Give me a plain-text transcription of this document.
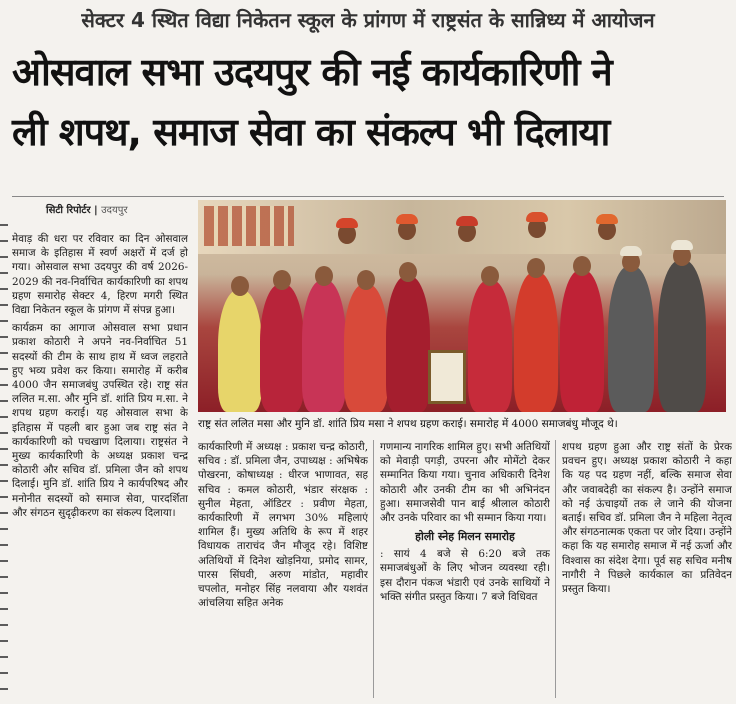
सेक्टर 4 स्थित विद्या निकेतन स्कूल के प्रांगण में राष्ट्रसंत के सान्निध्य में आयोजन
ओसवाल सभा उदयपुर की नई कार्यकारिणी ने
ली शपथ, समाज सेवा का संकल्प भी दिलाया
सिटी रिपोर्टर | उदयपुर

मेवाड़ की धरा पर रविवार का दिन ओसवाल समाज के इतिहास में स्वर्ण अक्षरों में दर्ज हो गया। ओसवाल सभा उदयपुर की वर्ष 2026-2029 की नव-निर्वाचित कार्यकारिणी का शपथ ग्रहण समारोह सेक्टर 4, हिरण मगरी स्थित विद्या निकेतन स्कूल के प्रांगण में संपन्न हुआ।

कार्यक्रम का आगाज ओसवाल सभा प्रधान प्रकाश कोठारी ने अपने नव-निर्वाचित 51 सदस्यों की टीम के साथ हाथ में ध्वज लहराते हुए भव्य प्रवेश कर किया। समारोह में करीब 4000 जैन समाजबंधु उपस्थित रहे। राष्ट्र संत ललित म.सा. और मुनि डॉ. शांति प्रिय म.सा. ने शपथ ग्रहण कराई। यह ओसवाल सभा के इतिहास में पहली बार हुआ जब राष्ट्र संत ने कार्यकारिणी को पचखाण दिलाया। राष्ट्रसंत ने मुख्य कार्यकारिणी के अध्यक्ष प्रकाश चन्द्र कोठारी और सचिव डॉ. प्रमिला जैन को शपथ दिलाई। मुनि डॉ. शांति प्रिय ने कार्यपरिषद और मनोनीत सदस्यों को समाज सेवा, पारदर्शिता और संगठन सुदृढ़ीकरण का संकल्प दिलाया।

राष्ट्र संत ललित मसा और मुनि डॉ. शांति प्रिय मसा ने शपथ ग्रहण कराई। समारोह में 4000 समाजबंधु मौजूद थे।

कार्यकारिणी में अध्यक्ष : प्रकाश चन्द्र कोठारी, सचिव : डॉ. प्रमिला जैन, उपाध्यक्ष : अभिषेक पोखरना, कोषाध्यक्ष : धीरज भाणावत, सह सचिव : कमल कोठारी, भंडार संरक्षक : सुनील मेहता, ऑडिटर : प्रवीण मेहता, कार्यकारिणी में लगभग 30% महिलाएं शामिल हैं। मुख्य अतिथि के रूप में शहर विधायक ताराचंद जैन मौजूद रहे। विशिष्ट अतिथियों में दिनेश खोड़निया, प्रमोद सामर, पारस सिंघवी, अरुण मांडोत, महावीर चपलोत, मनोहर सिंह नलवाया और यशवंत आंचलिया सहित अनेक

गणमान्य नागरिक शामिल हुए। सभी अतिथियों को मेवाड़ी पगड़ी, उपरना और मोमेंटो देकर सम्मानित किया गया। चुनाव अधिकारी दिनेश कोठारी और उनकी टीम का भी अभिनंदन हुआ। समाजसेवी पान बाई श्रीलाल कोठारी और उनके परिवार का भी सम्मान किया गया।

होली स्नेह मिलन समारोह

: सायं 4 बजे से 6:20 बजे तक समाजबंधुओं के लिए भोजन व्यवस्था रही। इस दौरान पंकज भंडारी एवं उनके साथियों ने भक्ति संगीत प्रस्तुत किया। 7 बजे विधिवत

शपथ ग्रहण हुआ और राष्ट्र संतों के प्रेरक प्रवचन हुए। अध्यक्ष प्रकाश कोठारी ने कहा कि यह पद ग्रहण नहीं, बल्कि समाज सेवा और जवाबदेही का संकल्प है। उन्होंने समाज को नई ऊंचाइयों तक ले जाने की योजना बताई। सचिव डॉ. प्रमिला जैन ने महिला नेतृत्व और संगठनात्मक एकता पर जोर दिया। उन्होंने कहा कि यह समारोह समाज में नई ऊर्जा और विश्वास का संदेश देगा। पूर्व सह सचिव मनीष नागौरी ने पिछले कार्यकाल का प्रतिवेदन प्रस्तुत किया।
